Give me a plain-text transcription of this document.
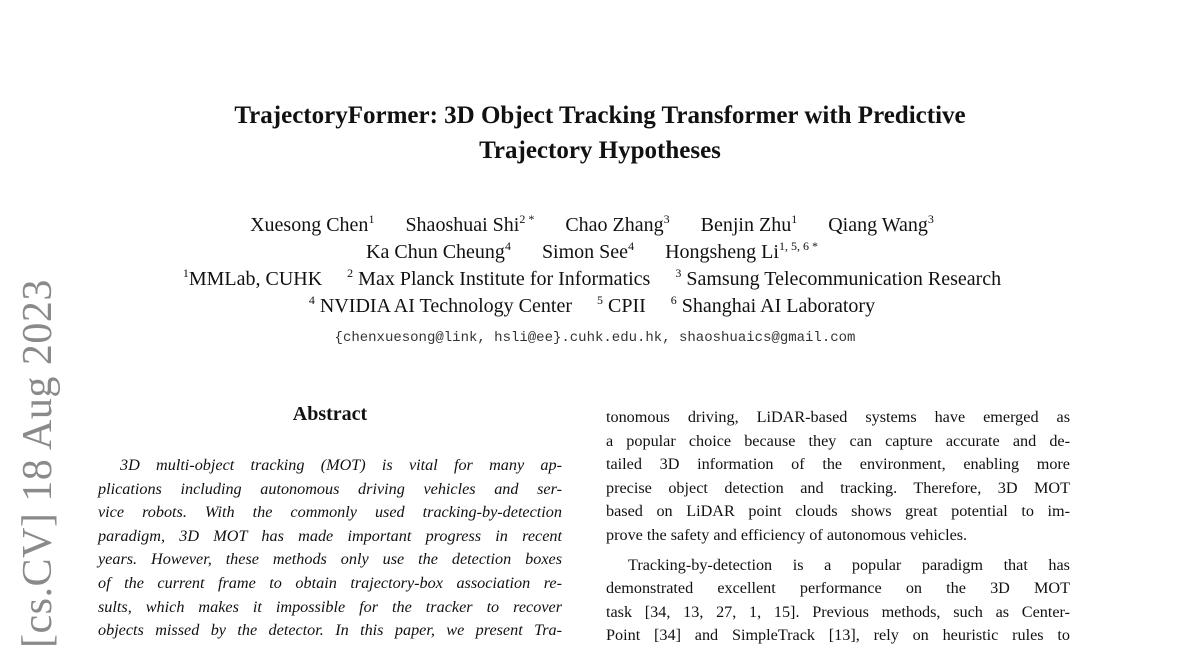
TrajectoryFormer: 3D Object Tracking Transformer with Predictive
Trajectory Hypotheses
Xuesong Chen$^1$ Shaoshuai Shi$^{2 *}$ Chao Zhang$^3$ Benjin Zhu$^1$ Qiang Wang$^3$
Ka Chun Cheung$^4$ Simon See$^4$ Hongsheng $Li^{1, 5, 6 *}$
$^1$MMLab, CUHK $^2$ Max Planck Institute for Informatics $^3$ Samsung Telecommunication Research
$^4$ NVIDIA AI Technology Center $^5$ CPII $^6$ Shanghai AI Laboratory
{chenxuesong@link, hsli@ee}.cuhk.edu.hk, shaoshuaics@gmail.com
[cs.CV] 18 Aug 2023	Abstract
3D multi-object tracking (MOT) is vital for many ap-
plications including autonomous driving vehicles and ser-
vice robots. With the commonly used tracking-by-detection
paradigm, 3D MOT has made important progress in recent
years. However, these methods only use the detection boxes
of the current frame to obtain trajectory-box association re-
sults, which makes it impossible for the tracker to recover
objects missed by the detector. In this paper, we present Tra-
tonomous driving, LiDAR-based systems have emerged as
a popular choice because they can capture accurate and de-
tailed 3D information of the environment, enabling more
precise object detection and tracking. Therefore, 3D MOT
based on LiDAR point clouds shows great potential to im-
prove the safety and efficiency of autonomous vehicles.
Tracking-by-detection is a popular paradigm that has
demonstrated excellent performance on the 3D MOT
task [34, 13, 27, 1, 15]. Previous methods, such as Center-
Point [34] and SimpleTrack [13], rely on heuristic rules to
